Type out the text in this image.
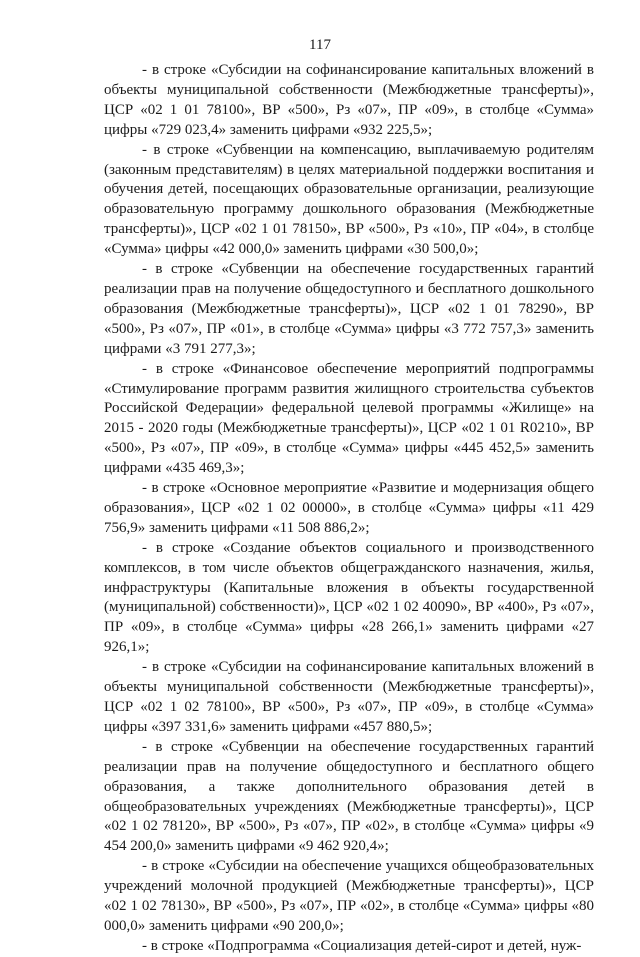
117

- в строке «Субсидии на софинансирование капитальных вложений в объекты муниципальной собственности (Межбюджетные трансферты)», ЦСР «02 1 01 78100», ВР «500», Рз «07», ПР «09», в столбце «Сумма» цифры «729 023,4» заменить цифрами «932 225,5»;

- в строке «Субвенции на компенсацию, выплачиваемую родителям (законным представителям) в целях материальной поддержки воспитания и обучения детей, посещающих образовательные организации, реализующие образовательную программу дошкольного образования (Межбюджетные трансферты)», ЦСР «02 1 01 78150», ВР «500», Рз «10», ПР «04», в столбце «Сумма» цифры «42 000,0» заменить цифрами «30 500,0»;

- в строке «Субвенции на обеспечение государственных гарантий реализации прав на получение общедоступного и бесплатного дошкольного образования (Межбюджетные трансферты)», ЦСР «02 1 01 78290», ВР «500», Рз «07», ПР «01», в столбце «Сумма» цифры «3 772 757,3» заменить цифрами «3 791 277,3»;

- в строке «Финансовое обеспечение мероприятий подпрограммы «Стимулирование программ развития жилищного строительства субъектов Российской Федерации» федеральной целевой программы «Жилище» на 2015 - 2020 годы (Межбюджетные трансферты)», ЦСР «02 1 01 R0210», ВР «500», Рз «07», ПР «09», в столбце «Сумма» цифры «445 452,5» заменить цифрами «435 469,3»;

- в строке «Основное мероприятие «Развитие и модернизация общего образования», ЦСР «02 1 02 00000», в столбце «Сумма» цифры «11 429 756,9» заменить цифрами «11 508 886,2»;

- в строке «Создание объектов социального и производственного комплексов, в том числе объектов общегражданского назначения, жилья, инфраструктуры (Капитальные вложения в объекты государственной (муниципальной) собственности)», ЦСР «02 1 02 40090», ВР «400», Рз «07», ПР «09», в столбце «Сумма» цифры «28 266,1» заменить цифрами «27 926,1»;

- в строке «Субсидии на софинансирование капитальных вложений в объекты муниципальной собственности (Межбюджетные трансферты)», ЦСР «02 1 02 78100», ВР «500», Рз «07», ПР «09», в столбце «Сумма» цифры «397 331,6» заменить цифрами «457 880,5»;

- в строке «Субвенции на обеспечение государственных гарантий реализации прав на получение общедоступного и бесплатного общего образования, а также дополнительного образования детей в общеобразовательных учреждениях (Межбюджетные трансферты)», ЦСР «02 1 02 78120», ВР «500», Рз «07», ПР «02», в столбце «Сумма» цифры «9 454 200,0» заменить цифрами «9 462 920,4»;

- в строке «Субсидии на обеспечение учащихся общеобразовательных учреждений молочной продукцией (Межбюджетные трансферты)», ЦСР «02 1 02 78130», ВР «500», Рз «07», ПР «02», в столбце «Сумма» цифры «80 000,0» заменить цифрами «90 200,0»;

- в строке «Подпрограмма «Социализация детей-сирот и детей, нуж-
